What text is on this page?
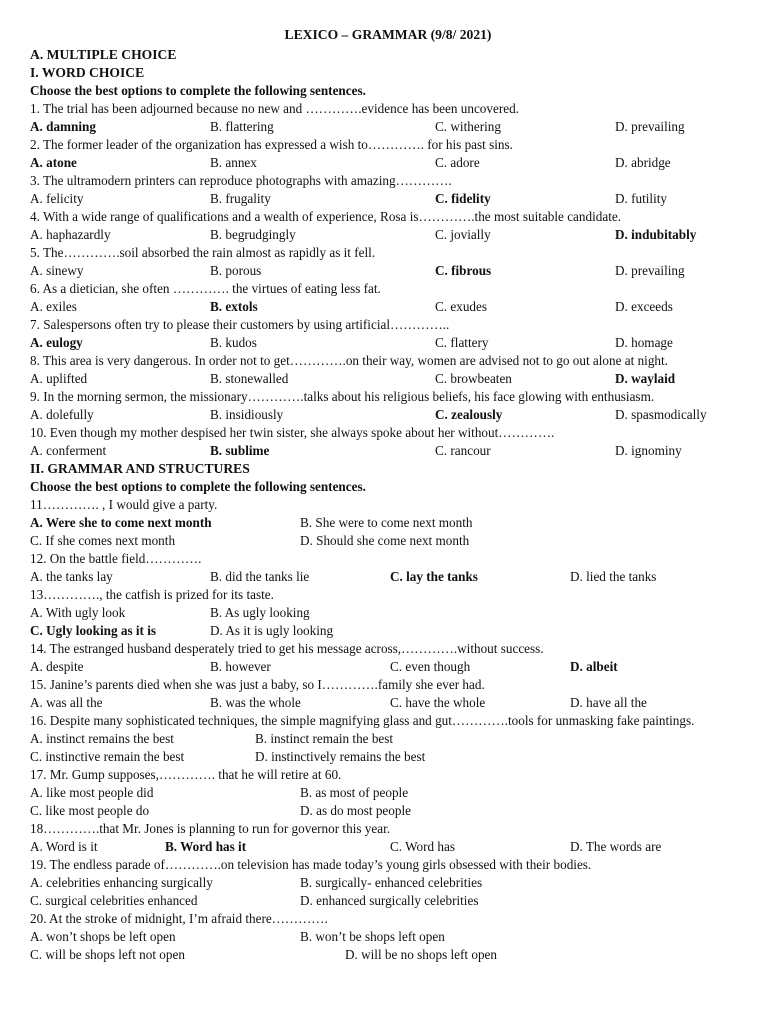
LEXICO – GRAMMAR (9/8/ 2021)
A. MULTIPLE CHOICE
I. WORD CHOICE
Choose the best options to complete the following sentences.
1. The trial has been adjourned because no new and ………….evidence has been uncovered.
A. damning	B. flattering	C. withering	D. prevailing
2. The former leader of the organization has expressed a wish to…………. for his past sins.
A. atone	B. annex	C. adore	D. abridge
3. The ultramodern printers can reproduce photographs with amazing………….
A. felicity	B. frugality	C. fidelity	D. futility
4. With a wide range of qualifications and a wealth of experience, Rosa is………….the most suitable candidate.
A. haphazardly	B. begrudgingly	C. jovially	D. indubitably
5. The………….soil absorbed the rain almost as rapidly as it fell.
A. sinewy	B. porous	C. fibrous	D. prevailing
6. As a dietician, she often …………. the virtues of eating less fat.
A. exiles	B. extols	C. exudes	D. exceeds
7. Salespersons often try to please their customers by using artificial…………..
A. eulogy	B. kudos	C. flattery	D. homage
8. This area is very dangerous. In order not to get………….on their way, women are advised not to go out alone at night.
A. uplifted	B. stonewalled	C. browbeaten	D. waylaid
9. In the morning sermon, the missionary………….talks about his religious beliefs, his face glowing with enthusiasm.
A. dolefully	B. insidiously	C. zealously	D. spasmodically
10. Even though my mother despised her twin sister, she always spoke about her without………….
A. conferment	B. sublime	C. rancour	D. ignominy
II. GRAMMAR AND STRUCTURES
Choose the best options to complete the following sentences.
11…………. , I would give a party.
A. Were she to come next month	B. She were to come next month
C. If she comes next month	D. Should she come next month
12. On the battle field………….
A. the tanks lay	B. did the tanks lie	C. lay the tanks	D. lied the tanks
13…………., the catfish is prized for its taste.
A. With ugly look	B. As ugly looking
C. Ugly looking as it is	D. As it is ugly looking
14. The estranged husband desperately tried to get his message across,………….without success.
A. despite	B. however	C. even though	D. albeit
15. Janine’s parents died when she was just a baby, so I………….family she ever had.
A. was all the	B. was the whole	C. have the whole	D. have all the
16. Despite many sophisticated techniques, the simple magnifying glass and gut………….tools for unmasking fake paintings.
A. instinct remains the best	B. instinct remain the best
C. instinctive remain the best	D. instinctively remains the best
17. Mr. Gump supposes,…………. that he will retire at 60.
A. like most people did	B. as most of people
C. like most people do	D. as do most people
18………….that Mr. Jones is planning to run for governor this year.
A. Word is it	B. Word has it	C. Word has	D. The words are
19. The endless parade of………….on television has made today’s young girls obsessed with their bodies.
A. celebrities enhancing surgically	B. surgically- enhanced celebrities
C. surgical celebrities enhanced	D. enhanced surgically celebrities
20. At the stroke of midnight, I’m afraid there………….
A. won’t shops be left open	B. won’t be shops left open
C. will be shops left not open	D. will be no shops left open
